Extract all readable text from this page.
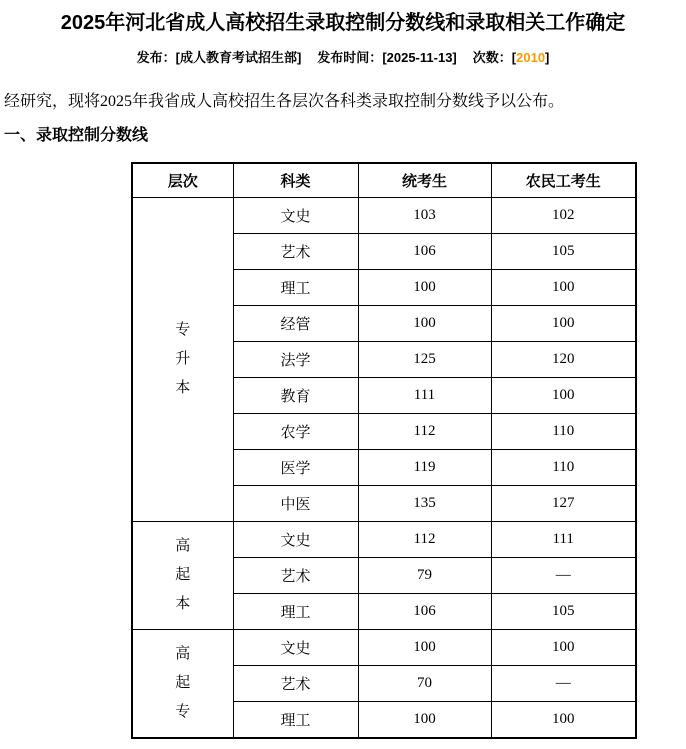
2025年河北省成人高校招生录取控制分数线和录取相关工作确定
发布：[成人教育考试招生部] 发布时间：[2025-11-13] 次数：[2010]

经研究，现将2025年我省成人高校招生各层次各科类录取控制分数线予以公布。

一、录取控制分数线
层次	科类	统考生	农民工考生

专升本	文史	103	102
	艺术	106	105
	理工	100	100
	经管	100	100
	法学	125	120
	教育	111	100
	农学	112	110
	医学	119	110
	中医	135	127

高起本	文史	112	111
	艺术	79	—
	理工	106	105

高起专	文史	100	100
	艺术	70	—
	理工	100	100
